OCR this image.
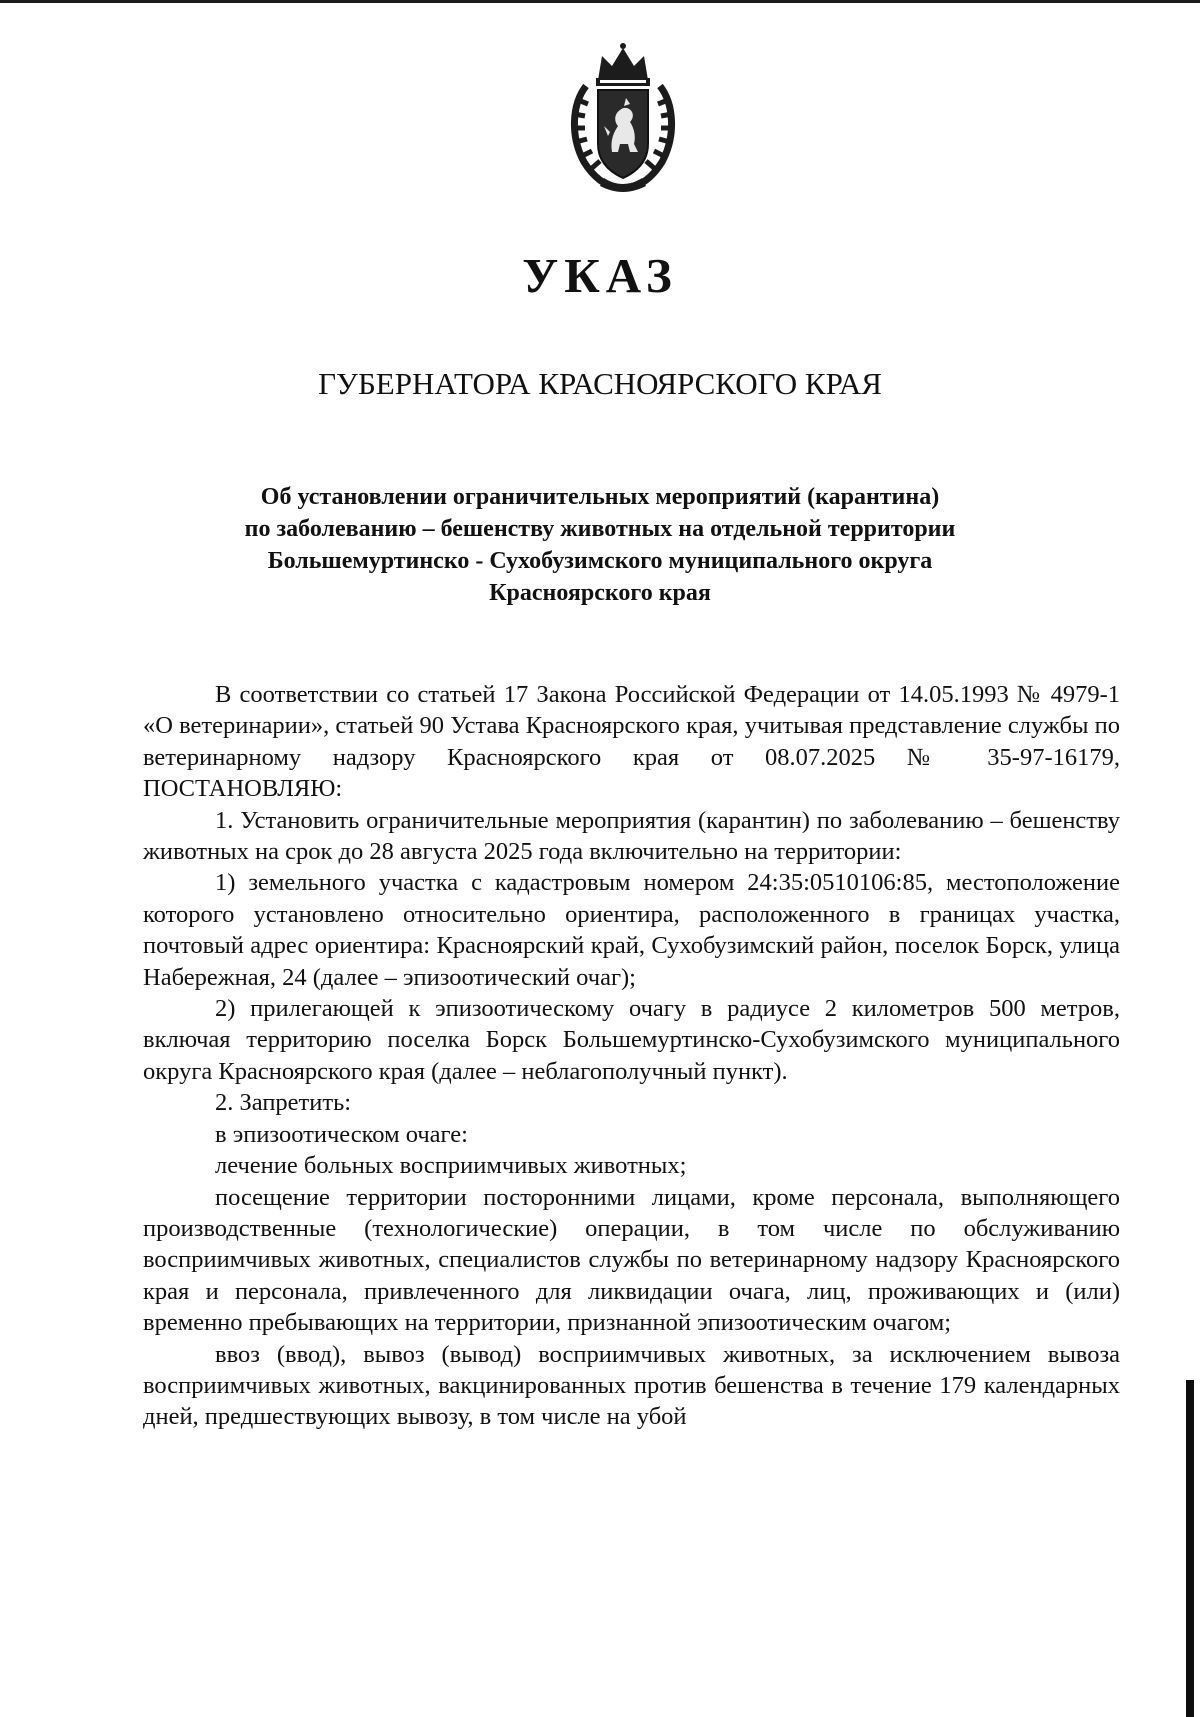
УКАЗ
ГУБЕРНАТОРА КРАСНОЯРСКОГО КРАЯ
Об установлении ограничительных мероприятий (карантина)
по заболеванию – бешенству животных на отдельной территории
Большемуртинско - Сухобузимского муниципального округа
Красноярского края

В соответствии со статьей 17 Закона Российской Федерации от 14.05.1993 № 4979-1 «О ветеринарии», статьей 90 Устава Красноярского края, учитывая представление службы по ветеринарному надзору Красноярского края от 08.07.2025 № 35-97-16179, ПОСТАНОВЛЯЮ:

1. Установить ограничительные мероприятия (карантин) по заболеванию – бешенству животных на срок до 28 августа 2025 года включительно на территории:

1) земельного участка с кадастровым номером 24:35:0510106:85, местоположение которого установлено относительно ориентира, расположенного в границах участка, почтовый адрес ориентира: Красноярский край, Сухобузимский район, поселок Борск, улица Набережная, 24 (далее – эпизоотический очаг);

2) прилегающей к эпизоотическому очагу в радиусе 2 километров 500 метров, включая территорию поселка Борск Большемуртинско-Сухобузимского муниципального округа Красноярского края (далее – неблагополучный пункт).

2. Запретить:

в эпизоотическом очаге:

лечение больных восприимчивых животных;

посещение территории посторонними лицами, кроме персонала, выполняющего производственные (технологические) операции, в том числе по обслуживанию восприимчивых животных, специалистов службы по ветеринарному надзору Красноярского края и персонала, привлеченного для ликвидации очага, лиц, проживающих и (или) временно пребывающих на территории, признанной эпизоотическим очагом;

ввоз (ввод), вывоз (вывод) восприимчивых животных, за исключением вывоза восприимчивых животных, вакцинированных против бешенства в течение 179 календарных дней, предшествующих вывозу, в том числе на убой
